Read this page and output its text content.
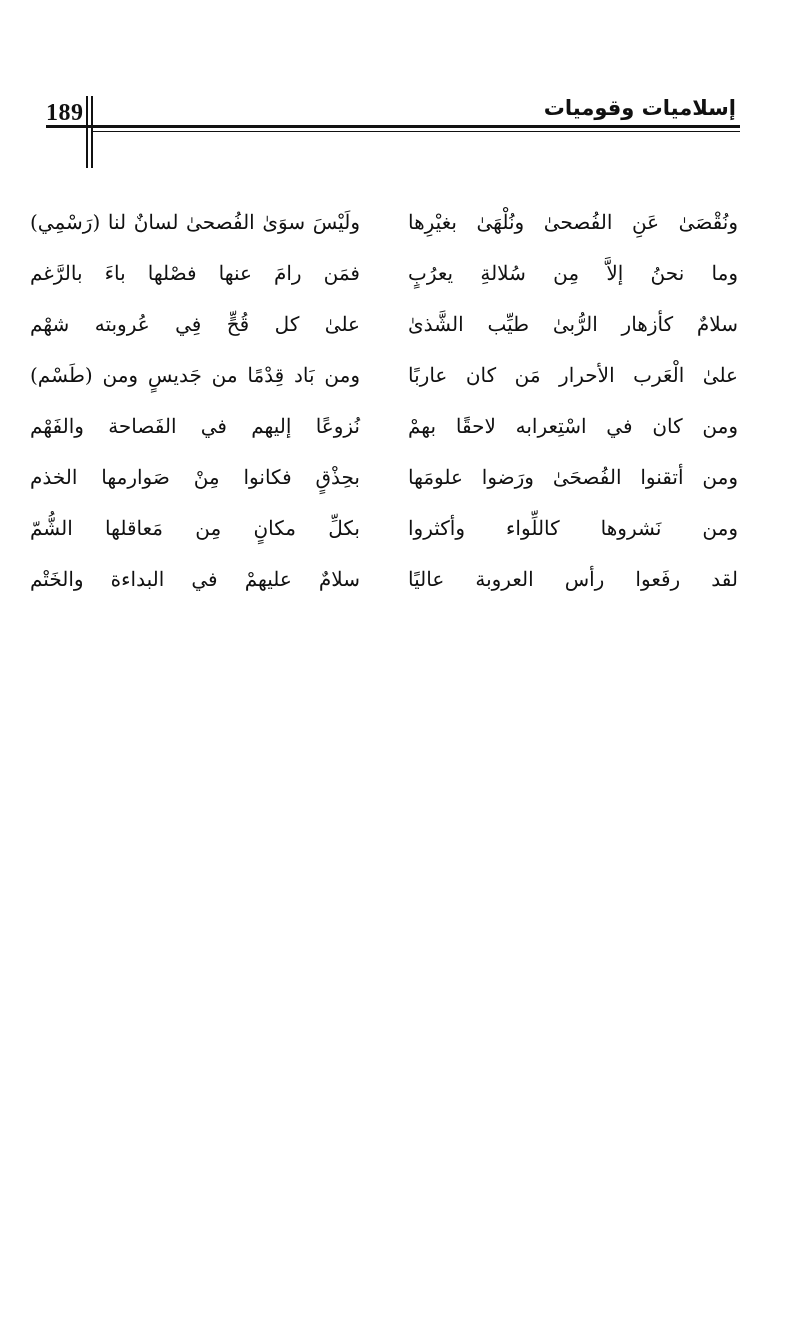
189	إسلاميات وقوميات
ونُقْصَىٰ عَنِ الفُصحىٰ ونُلْهَىٰ بغيْرِها
ولَيْسَ سوَىٰ الفُصحىٰ لسانٌ لنا (رَسْمِي)
وما نحنُ إلاَّ مِن سُلالةِ يعرُبٍ
فمَن رامَ عنها فصْلها باءَ بالرَّغم
سلامٌ كأزهار الرُّبىٰ طيِّب الشَّذىٰ
علىٰ كل قُحٍّ فِي عُروبته شهْم
علىٰ الْعَرب الأحرار مَن كان عاربًا
ومن بَاد قِدْمًا من جَديسٍ ومن (طَسْم)
ومن كان في اسْتِعرابه لاحقًا بهمْ
نُزوعًا إليهم في الفَصاحة والفَهْم
ومن أتقنوا الفُصحَىٰ ورَضوا علومَها
بحِذْقٍ فكانوا مِنْ صَوارمها الخذم
ومن نَشروها كاللِّواء وأكثروا
بكلِّ مكانٍ مِن مَعاقلها الشُّمّ
لقد رفَعوا رأس العروبة عاليًا
سلامٌ عليهمْ في البداءة والخَتْم
